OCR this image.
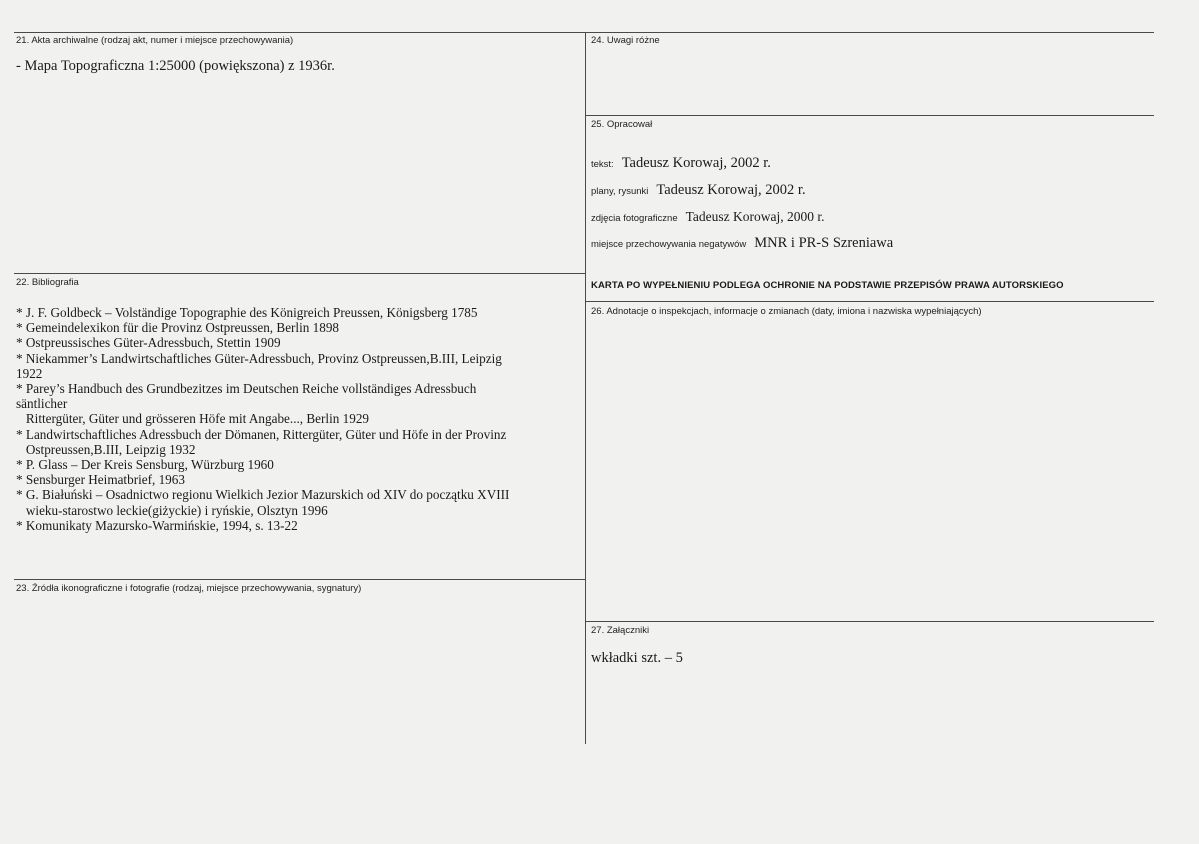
21. Akta archiwalne (rodzaj akt, numer i miejsce przechowywania)
- Mapa Topograficzna 1:25000 (powiększona) z 1936r.
22. Bibliografia
* J. F. Goldbeck – Volständige Topographie des Königreich Preussen, Königsberg 1785
* Gemeindelexikon für die Provinz Ostpreussen, Berlin 1898
* Ostpreussisches Güter-Adressbuch, Stettin 1909
* Niekammer’s Landwirtschaftliches Güter-Adressbuch, Provinz Ostpreussen,B.III, Leipzig
1922
* Parey’s Handbuch des Grundbezitzes im Deutschen Reiche vollständiges Adressbuch
säntlicher
Rittergüter, Güter und grösseren Höfe mit Angabe..., Berlin 1929
* Landwirtschaftliches Adressbuch der Dömanen, Rittergüter, Güter und Höfe in der Provinz
Ostpreussen,B.III, Leipzig 1932
* P. Glass – Der Kreis Sensburg, Würzburg 1960
* Sensburger Heimatbrief, 1963
* G. Białuński – Osadnictwo regionu Wielkich Jezior Mazurskich od XIV do początku XVIII
wieku-starostwo leckie(giżyckie) i ryńskie, Olsztyn 1996
* Komunikaty Mazursko-Warmińskie, 1994, s. 13-22
23. Źródła ikonograficzne i fotografie (rodzaj, miejsce przechowywania, sygnatury)
24. Uwagi różne
25. Opracował
tekst: Tadeusz Korowaj, 2002 r.
plany, rysunki Tadeusz Korowaj, 2002 r.
zdjęcia fotograficzne Tadeusz Korowaj, 2000 r.
miejsce przechowywania negatywów MNR i PR-S Szreniawa
KARTA PO WYPEŁNIENIU PODLEGA OCHRONIE NA PODSTAWIE PRZEPISÓW PRAWA AUTORSKIEGO
26. Adnotacje o inspekcjach, informacje o zmianach (daty, imiona i nazwiska wypełniających)
27. Załączniki
wkładki szt. – 5
